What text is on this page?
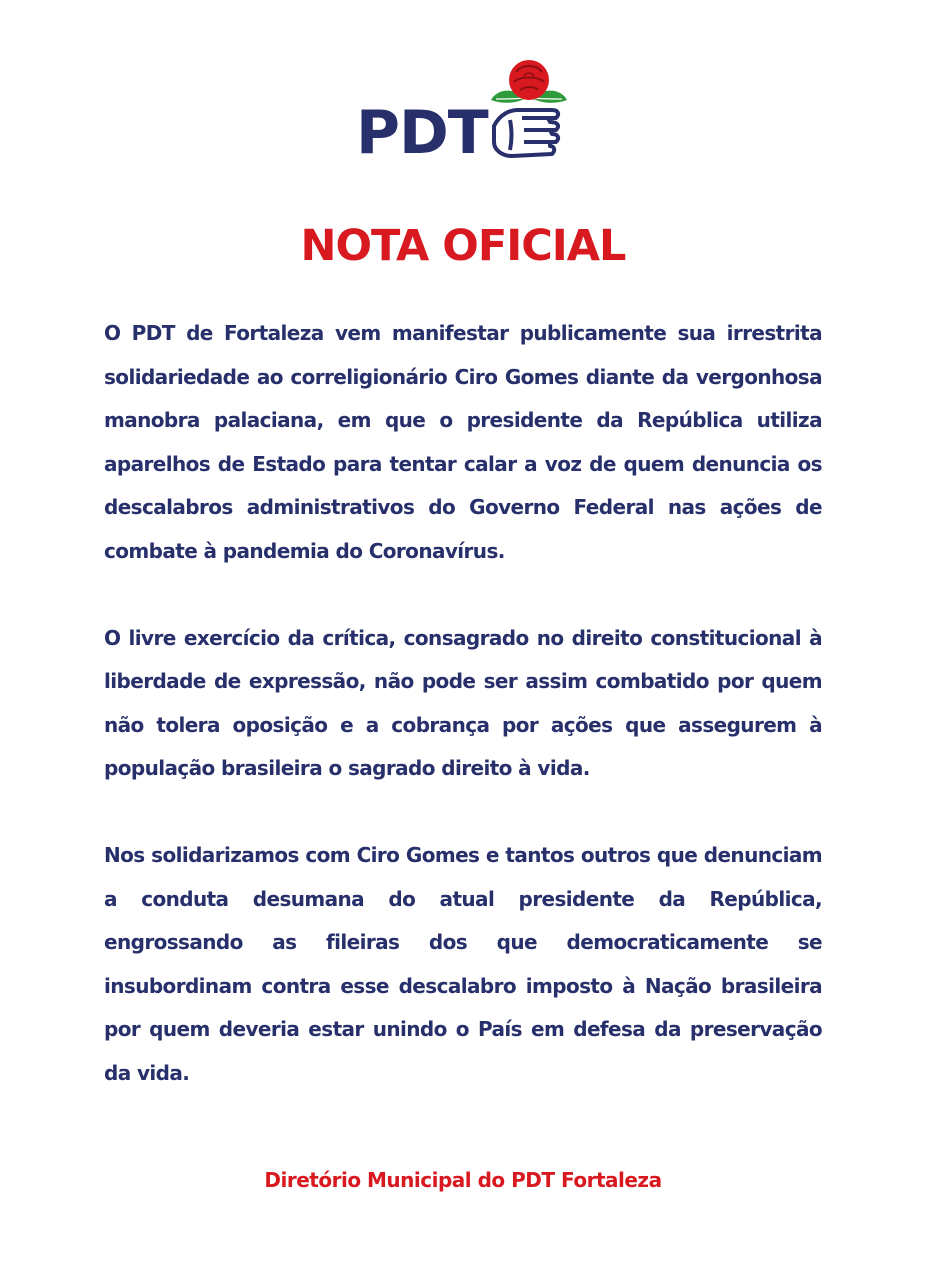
PDT
NOTA OFICIAL

O PDT de Fortaleza vem manifestar publicamente sua irrestrita solidariedade ao correligionário Ciro Gomes diante da vergonhosa manobra palaciana, em que o presidente da República utiliza aparelhos de Estado para tentar calar a voz de quem denuncia os descalabros administrativos do Governo Federal nas ações de combate à pandemia do Coronavírus.

O livre exercício da crítica, consagrado no direito constitucional à liberdade de expressão, não pode ser assim combatido por quem não tolera oposição e a cobrança por ações que assegurem à população brasileira o sagrado direito à vida.

Nos solidarizamos com Ciro Gomes e tantos outros que denunciam a conduta desumana do atual presidente da República, engrossando as fileiras dos que democraticamente se insubordinam contra esse descalabro imposto à Nação brasileira por quem deveria estar unindo o País em defesa da preservação da vida.

Diretório Municipal do PDT Fortaleza
